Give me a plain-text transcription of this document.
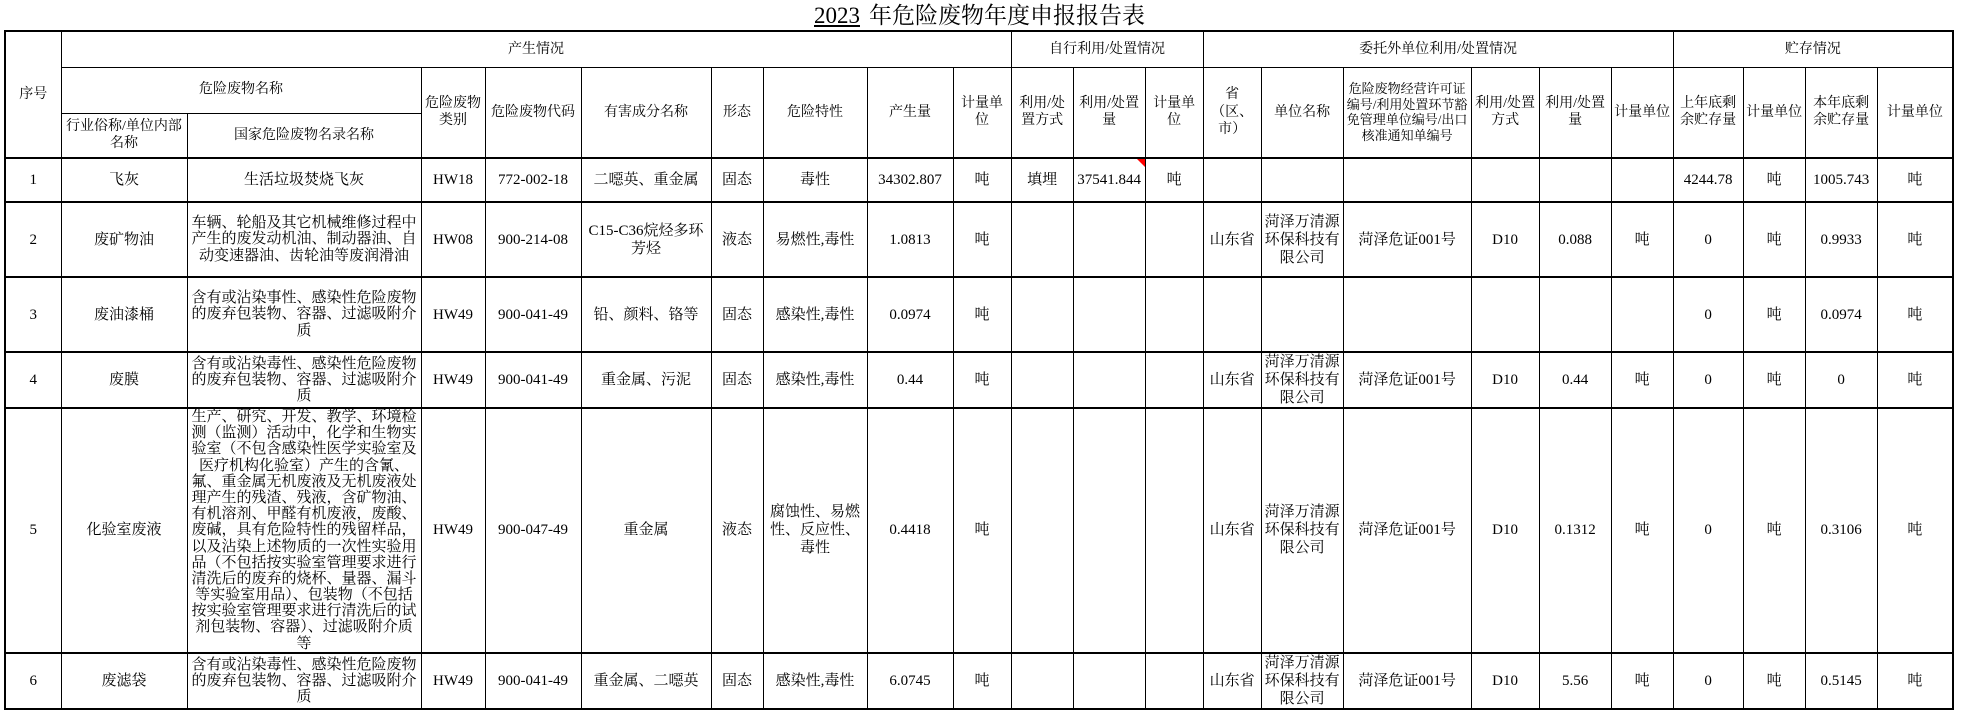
2023 年危险废物年度申报报告表
序号	产生情况									自行利用/处置情况			委托外单位利用/处置情况						贮存情况			
	危险废物名称		危险废物类别	危险废物代码	有害成分名称	形态	危险特性	产生量	计量单位	利用/处置方式	利用/处置量	计量单位	省（区、市）	单位名称	危险废物经营许可证编号/利用处置环节豁免管理单位编号/出口核准通知单编号	利用/处置方式	利用/处置量	计量单位	上年底剩余贮存量	计量单位	本年底剩余贮存量	计量单位
	行业俗称/单位内部名称	国家危险废物名录名称																				
1	飞灰	生活垃圾焚烧飞灰	HW18	772-002-18	二噁英、重金属	固态	毒性	34302.807	吨	填埋	37541.844	吨							4244.78	吨	1005.743	吨
2	废矿物油	车辆、轮船及其它机械维修过程中产生的废发动机油、制动器油、自动变速器油、齿轮油等废润滑油	HW08	900-214-08	C15-C36烷烃多环芳烃	液态	易燃性,毒性	1.0813	吨				山东省	菏泽万清源环保科技有限公司	菏泽危证001号	D10	0.088	吨	0	吨	0.9933	吨
3	废油漆桶	含有或沾染事性、感染性危险废物的废弃包装物、容器、过滤吸附介质	HW49	900-041-49	铅、颜料、铬等	固态	感染性,毒性	0.0974	吨										0	吨	0.0974	吨
4	废膜	含有或沾染毒性、感染性危险废物的废弃包装物、容器、过滤吸附介质	HW49	900-041-49	重金属、污泥	固态	感染性,毒性	0.44	吨				山东省	菏泽万清源环保科技有限公司	菏泽危证001号	D10	0.44	吨	0	吨	0	吨
5	化验室废液	生产、研究、开发、教学、环境检测（监测）活动中，化学和生物实验室（不包含感染性医学实验室及医疗机构化验室）产生的含氰、氟、重金属无机废液及无机废液处理产生的残渣、残液，含矿物油、有机溶剂、甲醛有机废液，废酸、废碱，具有危险特性的残留样品，以及沾染上述物质的一次性实验用品（不包括按实验室管理要求进行清洗后的废弃的烧杯、量器、漏斗等实验室用品）、包装物（不包括按实验室管理要求进行清洗后的试剂包装物、容器）、过滤吸附介质等	HW49	900-047-49	重金属	液态	腐蚀性、易燃性、反应性、毒性	0.4418	吨				山东省	菏泽万清源环保科技有限公司	菏泽危证001号	D10	0.1312	吨	0	吨	0.3106	吨
6	废滤袋	含有或沾染毒性、感染性危险废物的废弃包装物、容器、过滤吸附介质	HW49	900-041-49	重金属、二噁英	固态	感染性,毒性	6.0745	吨				山东省	菏泽万清源环保科技有限公司	菏泽危证001号	D10	5.56	吨	0	吨	0.5145	吨
